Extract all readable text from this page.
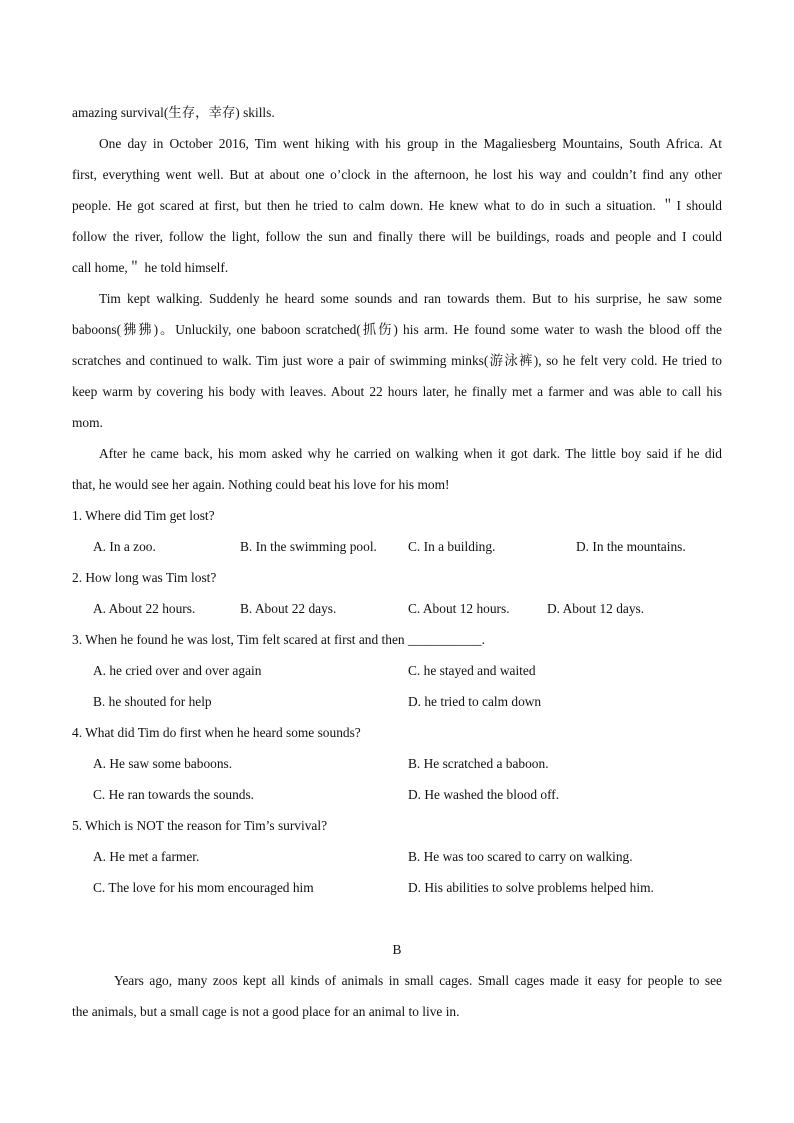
amazing survival(生存，幸存) skills.
One day in October 2016, Tim went hiking with his group in the Magaliesberg Mountains, South Africa. At
first, everything went well. But at about one o’clock in the afternoon, he lost his way and couldn’t find any other
people. He got scared at first, but then he tried to calm down. He knew what to do in such a situation. ＂I should
follow the river, follow the light, follow the sun and finally there will be buildings, roads and people and I could
call home,＂ he told himself.
Tim kept walking. Suddenly he heard some sounds and ran towards them. But to his surprise, he saw some
baboons(狒狒)。Unluckily, one baboon scratched(抓伤) his arm. He found some water to wash the blood off the
scratches and continued to walk. Tim just wore a pair of swimming minks(游泳裤), so he felt very cold. He tried to
keep warm by covering his body with leaves. About 22 hours later, he finally met a farmer and was able to call his
mom.
After he came back, his mom asked why he carried on walking when it got dark. The little boy said if he did
that, he would see her again. Nothing could beat his love for his mom!
1. Where did Tim get lost?
A. In a zoo.	B. In the swimming pool.	C. In a building.	D. In the mountains.
2. How long was Tim lost?
A. About 22 hours.	B. About 22 days.	C. About 12 hours.	D. About 12 days.
3. When he found he was lost, Tim felt scared at first and then ___________.
A. he cried over and over again	C. he stayed and waited
B. he shouted for help	D. he tried to calm down
4. What did Tim do first when he heard some sounds?
A. He saw some baboons.	B. He scratched a baboon.
C. He ran towards the sounds.	D. He washed the blood off.
5. Which is NOT the reason for Tim’s survival?
A. He met a farmer.	B. He was too scared to carry on walking.
C. The love for his mom encouraged him	D. His abilities to solve problems helped him.
B
Years ago, many zoos kept all kinds of animals in small cages. Small cages made it easy for people to see
the animals, but a small cage is not a good place for an animal to live in.
